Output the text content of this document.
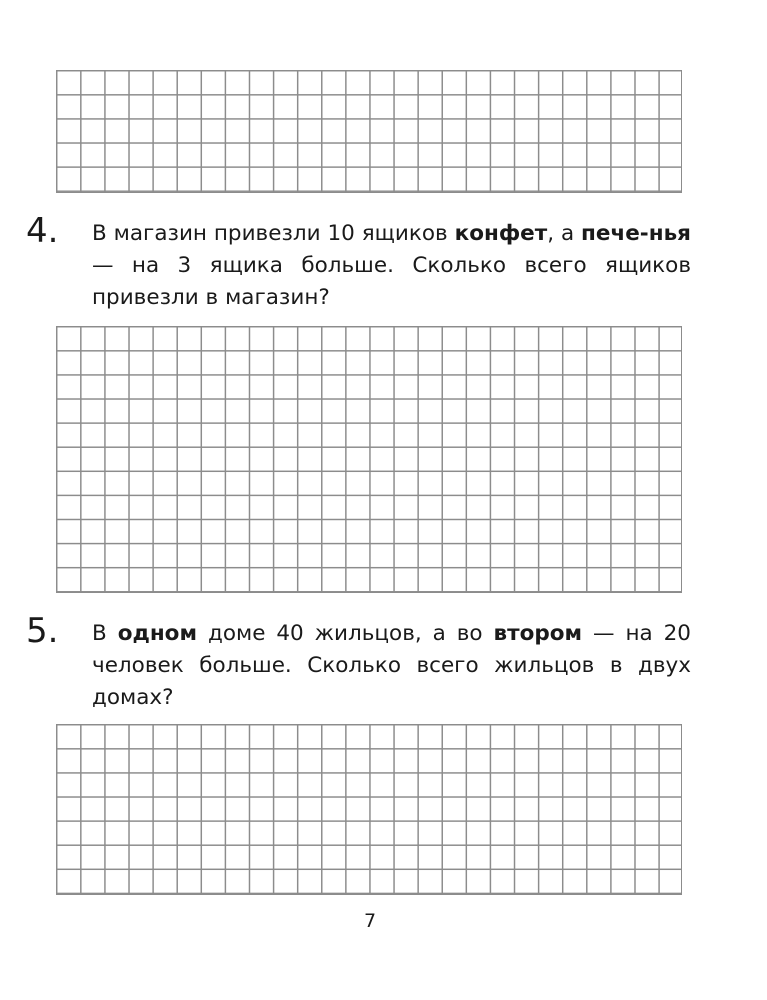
4. В магазин привезли 10 ящиков конфет, а пече-нья — на 3 ящика больше. Сколько всего ящиков привезли в магазин?

5. В одном доме 40 жильцов, а во втором — на 20 человек больше. Сколько всего жильцов в двух домах?

7
